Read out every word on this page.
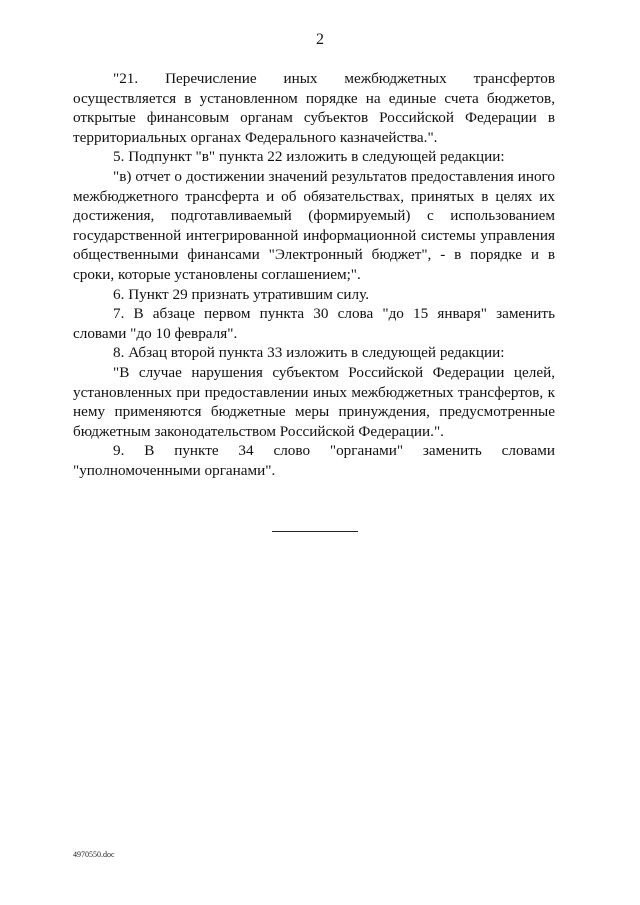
2

"21. Перечисление иных межбюджетных трансфертов осуществляется в установленном порядке на единые счета бюджетов, открытые финансовым органам субъектов Российской Федерации в территориальных органах Федерального казначейства.".

5. Подпункт "в" пункта 22 изложить в следующей редакции:

"в) отчет о достижении значений результатов предоставления иного межбюджетного трансферта и об обязательствах, принятых в целях их достижения, подготавливаемый (формируемый) с использованием государственной интегрированной информационной системы управления общественными финансами "Электронный бюджет", - в порядке и в сроки, которые установлены соглашением;".

6. Пункт 29 признать утратившим силу.

7. В абзаце первом пункта 30 слова "до 15 января" заменить словами "до 10 февраля".

8. Абзац второй пункта 33 изложить в следующей редакции:

"В случае нарушения субъектом Российской Федерации целей, установленных при предоставлении иных межбюджетных трансфертов, к нему применяются бюджетные меры принуждения, предусмотренные бюджетным законодательством Российской Федерации.".

9. В пункте 34 слово "органами" заменить словами "уполномоченными органами".

4970550.doc
